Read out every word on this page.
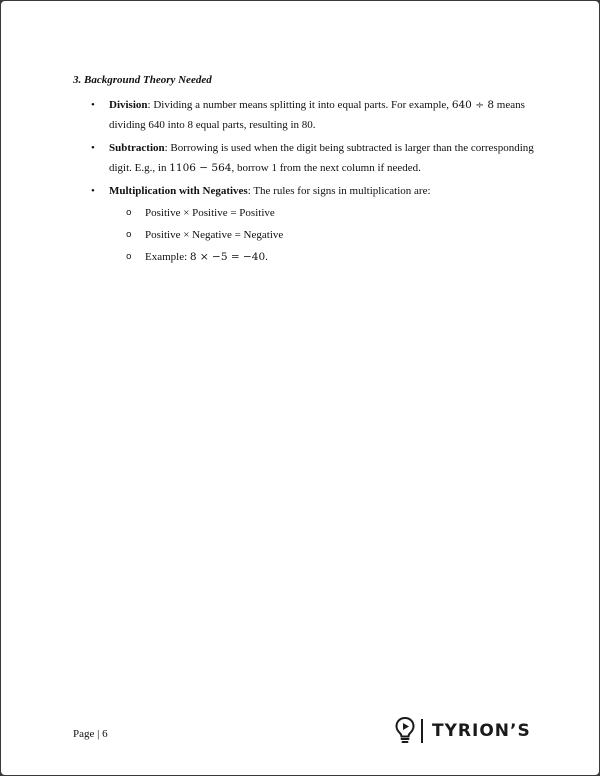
3. Background Theory Needed
• Division: Dividing a number means splitting it into equal parts. For example, 640 ÷ 8 means dividing 640 into 8 equal parts, resulting in 80.
• Subtraction: Borrowing is used when the digit being subtracted is larger than the corresponding digit. E.g., in 1106 − 564, borrow 1 from the next column if needed.
• Multiplication with Negatives: The rules for signs in multiplication are:
o Positive × Positive = Positive
o Positive × Negative = Negative
o Example: 8 × −5 = −40.
Page | 6	TYRION’S
